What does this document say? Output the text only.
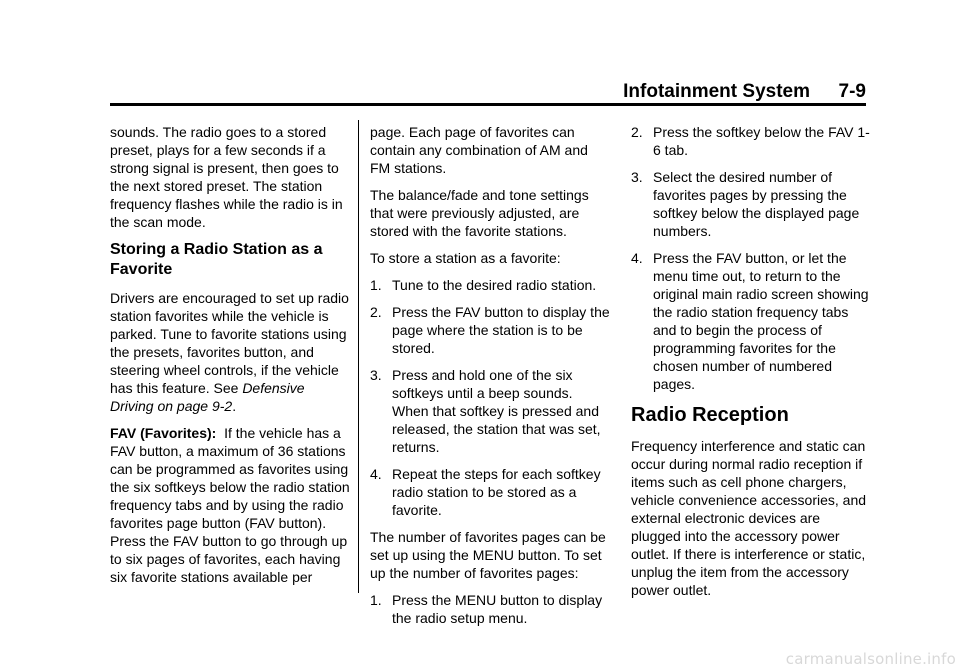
Infotainment System 7-9

sounds. The radio goes to a stored preset, plays for a few seconds if a strong signal is present, then goes to the next stored preset. The station frequency flashes while the radio is in the scan mode.

Storing a Radio Station as a Favorite

Drivers are encouraged to set up radio station favorites while the vehicle is parked. Tune to favorite stations using the presets, favorites button, and steering wheel controls, if the vehicle has this feature. See Defensive Driving on page 9-2.

FAV (Favorites): If the vehicle has a FAV button, a maximum of 36 stations can be programmed as favorites using the six softkeys below the radio station frequency tabs and by using the radio favorites page button (FAV button). Press the FAV button to go through up to six pages of favorites, each having six favorite stations available per

page. Each page of favorites can contain any combination of AM and FM stations.

The balance/fade and tone settings that were previously adjusted, are stored with the favorite stations.

To store a station as a favorite:

1. Tune to the desired radio station.
2. Press the FAV button to display the page where the station is to be stored.
3. Press and hold one of the six softkeys until a beep sounds. When that softkey is pressed and released, the station that was set, returns.
4. Repeat the steps for each softkey radio station to be stored as a favorite.

The number of favorites pages can be set up using the MENU button. To set up the number of favorites pages:

1. Press the MENU button to display the radio setup menu.
2. Press the softkey below the FAV 1-6 tab.
3. Select the desired number of favorites pages by pressing the softkey below the displayed page numbers.
4. Press the FAV button, or let the menu time out, to return to the original main radio screen showing the radio station frequency tabs and to begin the process of programming favorites for the chosen number of numbered pages.
Radio Reception

Frequency interference and static can occur during normal radio reception if items such as cell phone chargers, vehicle convenience accessories, and external electronic devices are plugged into the accessory power outlet. If there is interference or static, unplug the item from the accessory power outlet.

carmanualsonline.info
